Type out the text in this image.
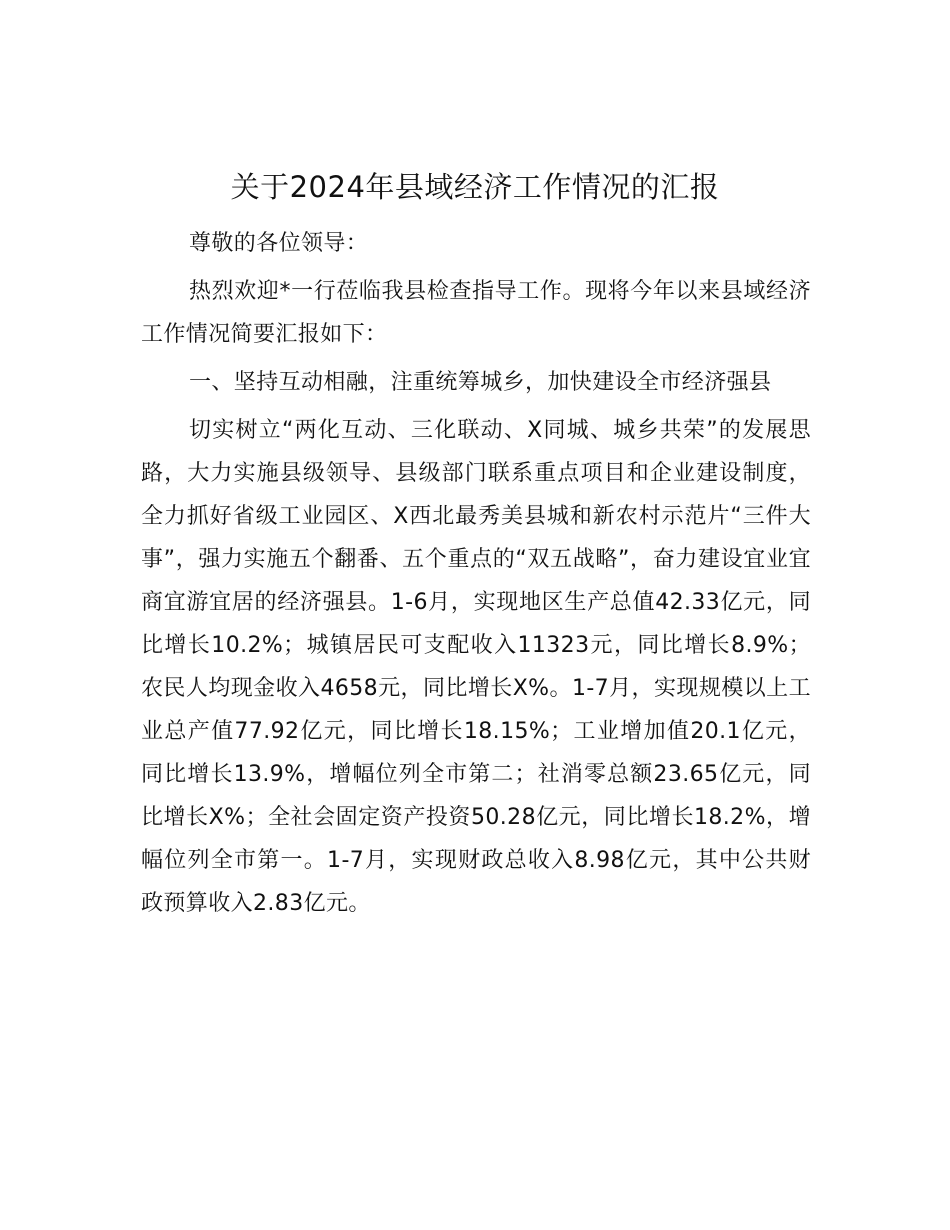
关于2024年县域经济工作情况的汇报

尊敬的各位领导：

热烈欢迎*一行莅临我县检查指导工作。现将今年以来县域经济工作情况简要汇报如下：

一、坚持互动相融，注重统筹城乡，加快建设全市经济强县

切实树立“两化互动、三化联动、X同城、城乡共荣”的发展思路，大力实施县级领导、县级部门联系重点项目和企业建设制度，全力抓好省级工业园区、X西北最秀美县城和新农村示范片“三件大事”，强力实施五个翻番、五个重点的“双五战略”，奋力建设宜业宜商宜游宜居的经济强县。1-6月，实现地区生产总值42.33亿元，同比增长10.2%；城镇居民可支配收入11323元，同比增长8.9%；农民人均现金收入4658元，同比增长X%。1-7月，实现规模以上工业总产值77.92亿元，同比增长18.15%；工业增加值20.1亿元，同比增长13.9%，增幅位列全市第二；社消零总额23.65亿元，同比增长X%；全社会固定资产投资50.28亿元，同比增长18.2%，增幅位列全市第一。1-7月，实现财政总收入8.98亿元，其中公共财政预算收入2.83亿元。
